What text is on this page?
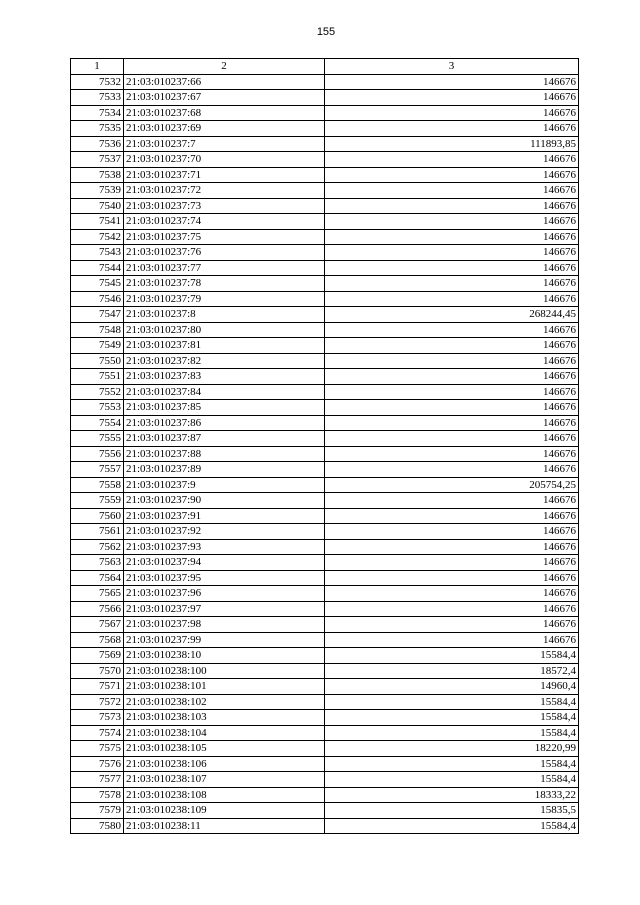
155
1	2	3
7532	21:03:010237:66	146676
7533	21:03:010237:67	146676
7534	21:03:010237:68	146676
7535	21:03:010237:69	146676
7536	21:03:010237:7	111893,85
7537	21:03:010237:70	146676
7538	21:03:010237:71	146676
7539	21:03:010237:72	146676
7540	21:03:010237:73	146676
7541	21:03:010237:74	146676
7542	21:03:010237:75	146676
7543	21:03:010237:76	146676
7544	21:03:010237:77	146676
7545	21:03:010237:78	146676
7546	21:03:010237:79	146676
7547	21:03:010237:8	268244,45
7548	21:03:010237:80	146676
7549	21:03:010237:81	146676
7550	21:03:010237:82	146676
7551	21:03:010237:83	146676
7552	21:03:010237:84	146676
7553	21:03:010237:85	146676
7554	21:03:010237:86	146676
7555	21:03:010237:87	146676
7556	21:03:010237:88	146676
7557	21:03:010237:89	146676
7558	21:03:010237:9	205754,25
7559	21:03:010237:90	146676
7560	21:03:010237:91	146676
7561	21:03:010237:92	146676
7562	21:03:010237:93	146676
7563	21:03:010237:94	146676
7564	21:03:010237:95	146676
7565	21:03:010237:96	146676
7566	21:03:010237:97	146676
7567	21:03:010237:98	146676
7568	21:03:010237:99	146676
7569	21:03:010238:10	15584,4
7570	21:03:010238:100	18572,4
7571	21:03:010238:101	14960,4
7572	21:03:010238:102	15584,4
7573	21:03:010238:103	15584,4
7574	21:03:010238:104	15584,4
7575	21:03:010238:105	18220,99
7576	21:03:010238:106	15584,4
7577	21:03:010238:107	15584,4
7578	21:03:010238:108	18333,22
7579	21:03:010238:109	15835,5
7580	21:03:010238:11	15584,4
